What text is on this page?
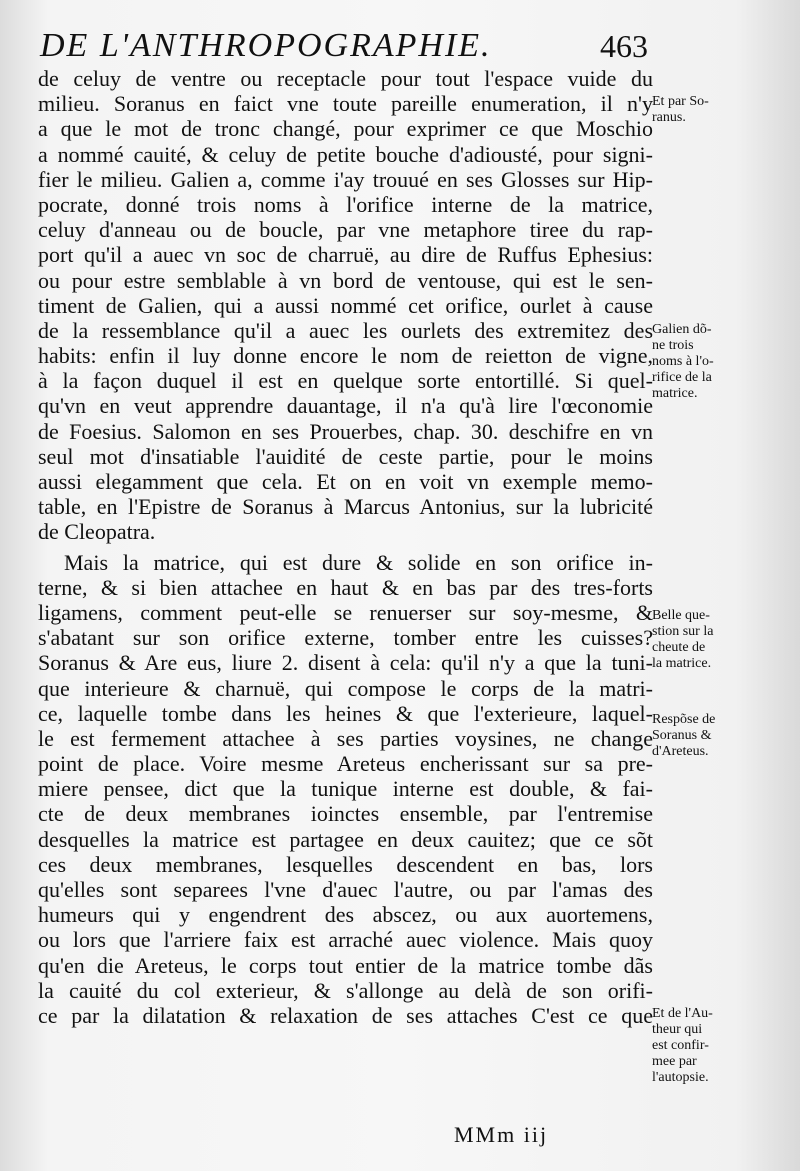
DE L'ANTHROPOGRAPHIE.	463
de celuy de ventre ou receptacle pour tout l'espace vuide du
milieu. Soranus en faict vne toute pareille enumeration, il n'y
a que le mot de tronc changé, pour exprimer ce que Moschio
a nommé cauité, & celuy de petite bouche d'adiousté, pour signi-
fier le milieu. Galien a, comme i'ay trouué en ses Glosses sur Hip-
pocrate, donné trois noms à l'orifice interne de la matrice,
celuy d'anneau ou de boucle, par vne metaphore tiree du rap-
port qu'il a auec vn soc de charruë, au dire de Ruffus Ephesius:
ou pour estre semblable à vn bord de ventouse, qui est le sen-
timent de Galien, qui a aussi nommé cet orifice, ourlet à cause
de la ressemblance qu'il a auec les ourlets des extremitez des
habits: enfin il luy donne encore le nom de reietton de vigne,
à la façon duquel il est en quelque sorte entortillé. Si quel-
qu'vn en veut apprendre dauantage, il n'a qu'à lire l'œconomie
de Foesius. Salomon en ses Prouerbes, chap. 30. deschifre en vn
seul mot d'insatiable l'auidité de ceste partie, pour le moins
aussi elegamment que cela. Et on en voit vn exemple memo-
table, en l'Epistre de Soranus à Marcus Antonius, sur la lubricité
de Cleopatra.
Mais la matrice, qui est dure & solide en son orifice in-
terne, & si bien attachee en haut & en bas par des tres-forts
ligamens, comment peut-elle se renuerser sur soy-mesme, &
s'abatant sur son orifice externe, tomber entre les cuisses?
Soranus & Are eus, liure 2. disent à cela: qu'il n'y a que la tuni-
que interieure & charnuë, qui compose le corps de la matri-
ce, laquelle tombe dans les heines & que l'exterieure, laquel-
le est fermement attachee à ses parties voysines, ne change
point de place. Voire mesme Areteus encherissant sur sa pre-
miere pensee, dict que la tunique interne est double, & fai-
cte de deux membranes ioinctes ensemble, par l'entremise
desquelles la matrice est partagee en deux cauitez; que ce sõt
ces deux membranes, lesquelles descendent en bas, lors
qu'elles sont separees l'vne d'auec l'autre, ou par l'amas des
humeurs qui y engendrent des abscez, ou aux auortemens,
ou lors que l'arriere faix est arraché auec violence. Mais quoy
qu'en die Areteus, le corps tout entier de la matrice tombe dãs
la cauité du col exterieur, & s'allonge au delà de son orifi-
ce par la dilatation & relaxation de ses attaches C'est ce que
Et par So-
ranus.
Galien dõ-
ne trois
noms à l'o-
rifice de la
matrice.
Belle que-
stion sur la
cheute de
la matrice.
Respõse de
Soranus &
d'Areteus.
Et de l'Au-
theur qui
est confir-
mee par
l'autopsie.
MMm iij
